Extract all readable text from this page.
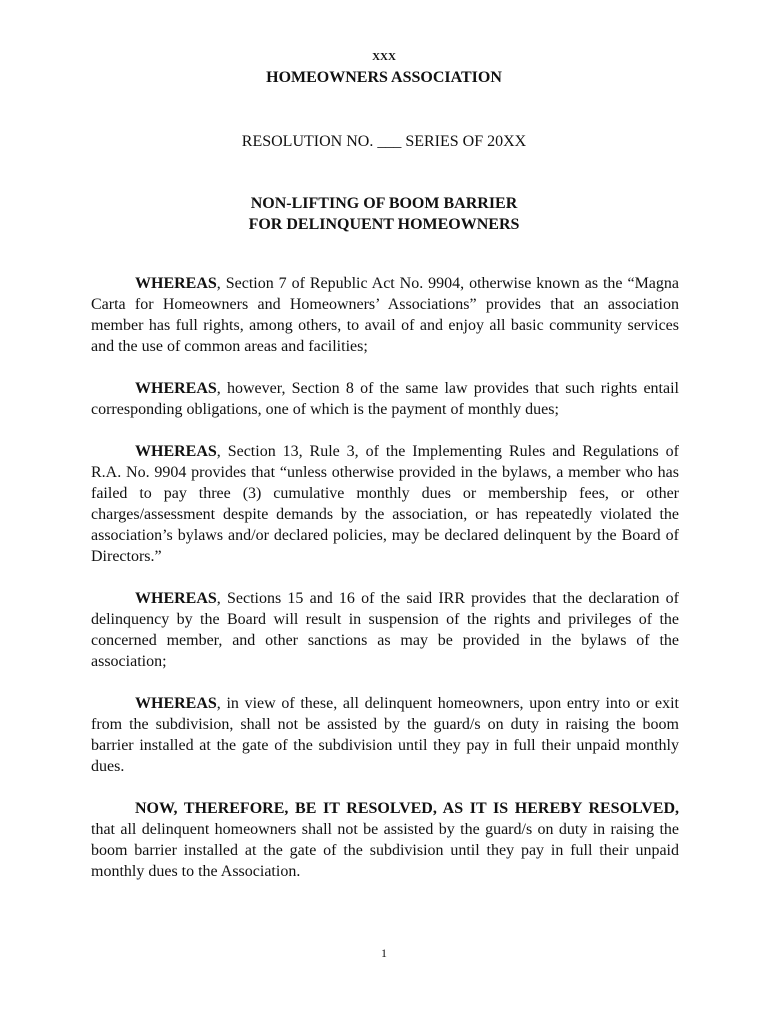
XXX
HOMEOWNERS ASSOCIATION
RESOLUTION NO. ___ SERIES OF 20XX
NON-LIFTING OF BOOM BARRIER
FOR DELINQUENT HOMEOWNERS

WHEREAS, Section 7 of Republic Act No. 9904, otherwise known as the “Magna Carta for Homeowners and Homeowners’ Associations” provides that an association member has full rights, among others, to avail of and enjoy all basic community services and the use of common areas and facilities;

WHEREAS, however, Section 8 of the same law provides that such rights entail corresponding obligations, one of which is the payment of monthly dues;

WHEREAS, Section 13, Rule 3, of the Implementing Rules and Regulations of R.A. No. 9904 provides that “unless otherwise provided in the bylaws, a member who has failed to pay three (3) cumulative monthly dues or membership fees, or other charges/assessment despite demands by the association, or has repeatedly violated the association’s bylaws and/or declared policies, may be declared delinquent by the Board of Directors.”

WHEREAS, Sections 15 and 16 of the said IRR provides that the declaration of delinquency by the Board will result in suspension of the rights and privileges of the concerned member, and other sanctions as may be provided in the bylaws of the association;

WHEREAS, in view of these, all delinquent homeowners, upon entry into or exit from the subdivision, shall not be assisted by the guard/s on duty in raising the boom barrier installed at the gate of the subdivision until they pay in full their unpaid monthly dues.

NOW, THEREFORE, BE IT RESOLVED, AS IT IS HEREBY RESOLVED, that all delinquent homeowners shall not be assisted by the guard/s on duty in raising the boom barrier installed at the gate of the subdivision until they pay in full their unpaid monthly dues to the Association.

1
